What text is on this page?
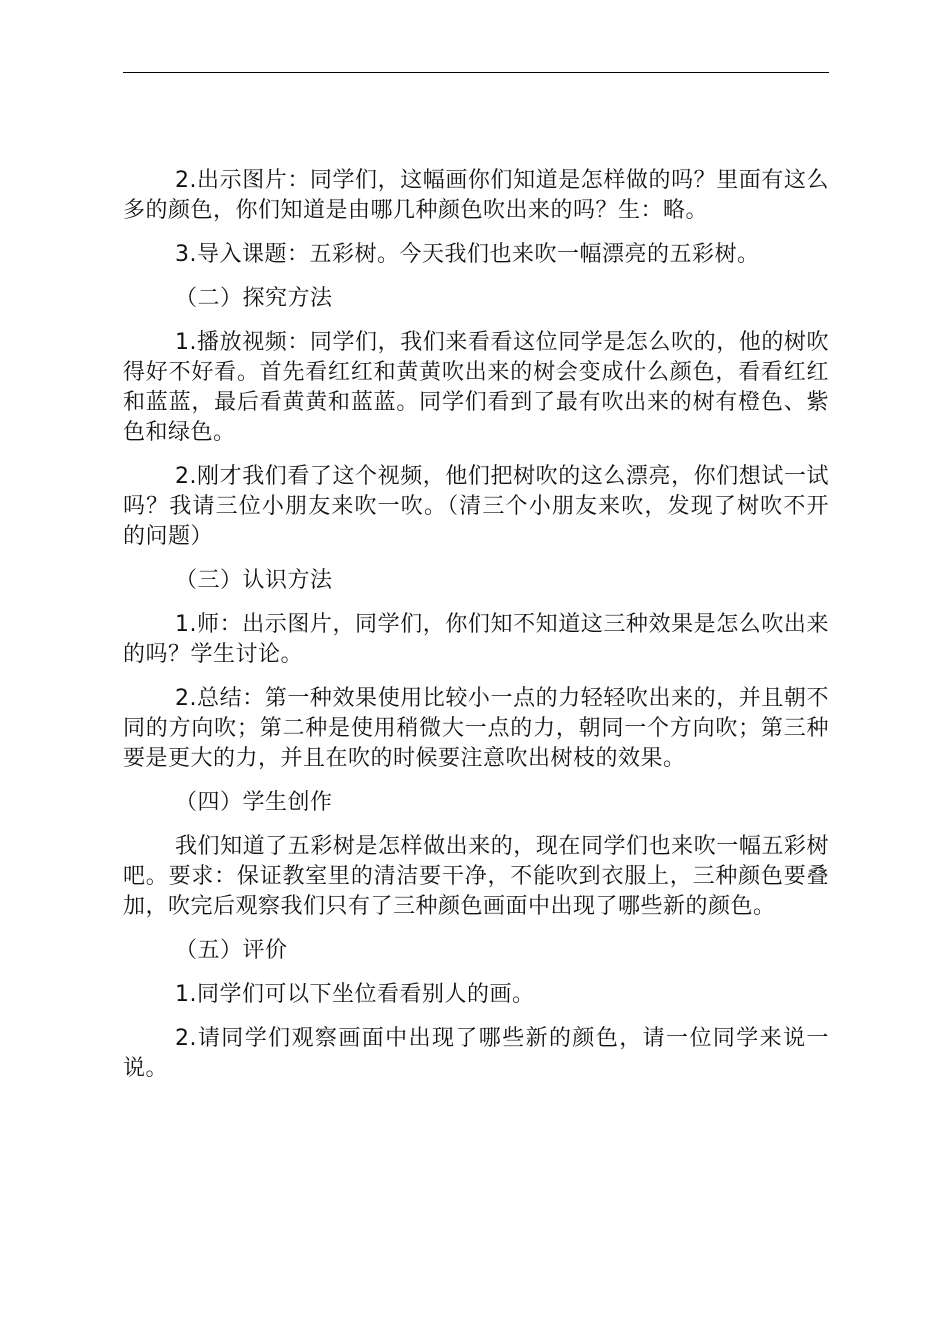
2.出示图片：同学们，这幅画你们知道是怎样做的吗？里面有这么多的颜色，你们知道是由哪几种颜色吹出来的吗？生：略。

3.导入课题：五彩树。今天我们也来吹一幅漂亮的五彩树。

（二）探究方法

1.播放视频：同学们，我们来看看这位同学是怎么吹的，他的树吹得好不好看。首先看红红和黄黄吹出来的树会变成什么颜色，看看红红和蓝蓝，最后看黄黄和蓝蓝。同学们看到了最有吹出来的树有橙色、紫色和绿色。

2.刚才我们看了这个视频，他们把树吹的这么漂亮，你们想试一试吗？我请三位小朋友来吹一吹。（清三个小朋友来吹，发现了树吹不开的问题）

（三）认识方法

1.师：出示图片，同学们，你们知不知道这三种效果是怎么吹出来的吗？学生讨论。

2.总结：第一种效果使用比较小一点的力轻轻吹出来的，并且朝不同的方向吹；第二种是使用稍微大一点的力，朝同一个方向吹；第三种要是更大的力，并且在吹的时候要注意吹出树枝的效果。

（四）学生创作

我们知道了五彩树是怎样做出来的，现在同学们也来吹一幅五彩树吧。要求：保证教室里的清洁要干净，不能吹到衣服上，三种颜色要叠加，吹完后观察我们只有了三种颜色画面中出现了哪些新的颜色。

（五）评价

1.同学们可以下坐位看看别人的画。

2.请同学们观察画面中出现了哪些新的颜色，请一位同学来说一说。
